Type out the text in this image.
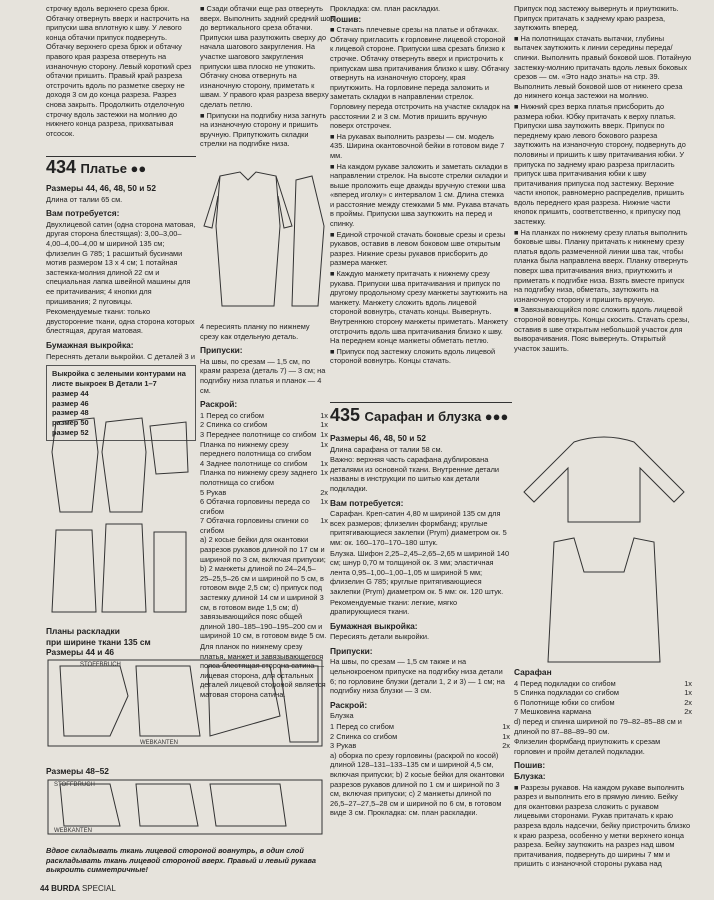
строчку вдоль верхнего среза брюк. Обтачку отвернуть вверх и настрочить на припуски шва вплотную к шву. У левого конца обтачки припуск подвернуть. Обтачку верхнего среза брюк и обтачку правого края разреза отвернуть на изнаночную сторону. Левый короткий срез обтачки пришить. Правый край разреза отстрочить вдоль по разметке сверху не доходя 3 см до конца разреза. Разрез снова закрыть. Продолжить отделочную строчку вдоль застежки на молнию до нижнего конца разреза, прихватывая отсосок.

434 Платье ●●

Размеры 44, 46, 48, 50 и 52

Длина от талии 65 см.

Вам потребуется:

Двухлицевой сатин (одна сторона матовая, другая сторона блестящая): 3,00–3,00–4,00–4,00–4,00 м шириной 135 см; флизелин G 785; 1 расшитый бусинами мотив размером 13 х 4 см; 1 потайная застежка-молния длиной 22 см и специальная лапка швейной машины для ее притачивания; 4 кнопки для пришивания; 2 пуговицы.

Рекомендуемые ткани: только двусторонние ткани, одна сторона которых блестящая, другая матовая.

Бумажная выкройка:

Переснять детали выкройки. С деталей 3 и

Выкройка с зелеными контурами на листе выкроек B Детали 1–7

размер 44
размер 46
размер 48
размер 50
размер 52

Планы раскладки

при ширине ткани 135 см

Размеры 44 и 46

STOFFBRUCH
WEBKANTEN

Размеры 48–52

STOFFBRUCH
WEBKANTEN
Вдвое складывать ткань лицевой стороной вовнутрь, в один слой раскладывать ткань лицевой стороной вверх. Правый и левый рукава выкроить симметричные!

■ Сзади обтачки еще раз отвернуть вверх. Выполнить задний средний шов до вертикального среза обтачки. Припуски шва разутюжить сверху до начала шагового закругления. На участке шагового закругления припуски шва плоско не утюжить. Обтачку снова отвернуть на изнаночную сторону, приметать к швам. У правого края разреза вверху сделать петлю.

■ Припуски на подгибку низа загнуть на изнаночную сторону и пришить вручную. Припутюжить складки стрелки на подгибке низа.

4 пересиять планку по нижнему срезу как отдельную деталь.

Припуски:

На швы, по срезам — 1,5 см, по краям разреза (деталь 7) — 3 см; на подгибку низа платья и планок — 4 см.

Раскрой:

1 Перед со сгибом	1x
2 Спинка со сгибом	1x
3 Переднее полотнище со сгибом 1x
Планка по нижнему срезу переднего полотнища со сгибом
1x
4 Заднее полотнище со сгибом 1x
Планка по нижнему срезу заднего полотнища со сгибом
1x
5 Рукав	2x
6 Обтачка горловины переда со сгибом
1x
7 Обтачка горловины спинки со сгибом
1x

а) 2 косые бейки для окантовки разрезов рукавов длиной по 17 см и шириной по 3 см, включая припуски; b) 2 манжеты длиной по 24–24,5–25–25,5–26 см и шириной по 5 см, в готовом виде 2,5 см; c) припуск под застежку длиной 14 см и шириной 3 см, в готовом виде 1,5 см; d) завязывающийся пояс общей длиной 180–185–190–195–200 см и шириной 10 см, в готовом виде 5 см.

Для планок по нижнему срезу платья, манжет и завязывающегося пояса блестящая сторона сатина — лицевая сторона, для остальных деталей лицевой стороной является матовая сторона сатина.

Прокладка: см. план раскладки.

Пошив:

■ Стачать плечевые срезы на платье и обтачках. Обтачку пригласить к горловине лицевой стороной к лицевой стороне. Припуски шва срезать близко к строчке. Обтачку отвернуть вверх и пристрочить к припускам шва притачивания близко к шву. Обтачку отвернуть на изнаночную сторону, края приутюжить. На горловине переда заложить и заметать складки в направлении стрелок. Горловину переда отстрочить на участке складок на расстоянии 2 и 3 см. Мотив пришить вручную поверх отстрочек.

■ На рукавах выполнить разрезы — см. модель 435. Ширина окантовочной бейки в готовом виде 7 мм.

■ На каждом рукаве заложить и заметать складки в направлении стрелок. На высоте стрелки складки и выше проложить еще дважды вручную стежки шва «вперед иголку» с интервалом 1 см. Длина стежка и расстояние между стежками 5 мм. Рукава втачать в проймы. Припуски шва заутюжить на перед и спинку.

■ Единой строчкой стачать боковые срезы и срезы рукавов, оставив в левом боковом шве открытым разрез. Нижние срезы рукавов присборить до размера манжет.

■ Каждую манжету притачать к нижнему срезу рукава. Припуски шва притачивания и припуск по другому продольному срезу манжеты заутюжить на манжету. Манжету сложить вдоль лицевой стороной вовнутрь, стачать концы. Вывернуть. Внутреннюю сторону манжеты приметать. Манжету отстрочить вдоль шва притачивания близко к шву. На переднем конце манжеты обметать петлю.

■ Припуск под застежку сложить вдоль лицевой стороной вовнутрь. Концы стачать.

435 Сарафан и блузка ●●●

Размеры 46, 48, 50 и 52

Длина сарафана от талии 58 см.

Важно: верхняя часть сарафана дублирована деталями из основной ткани. Внутренние детали названы в инструкции по шитью как детали подкладки.

Вам потребуется:

Сарафан. Креп-сатин 4,80 м шириной 135 см для всех размеров; флизелин формбанд; круглые притягивающиеся заклепки (Prym) диаметром ок. 5 мм: ок. 160–170–170–180 штук.

Блузка. Шифон 2,25–2,45–2,65–2,65 м шириной 140 см; шнур 0,70 м толщиной ок. 3 мм; эластичная лента 0,95–1,00–1,00–1,05 м шириной 5 мм; флизелин G 785; круглые притягивающиеся заклепки (Prym) диаметром ок. 5 мм: ок. 120 штук.

Рекомендуемые ткани: легкие, мягко драпирующиеся ткани.

Бумажная выкройка:

Пересиять детали выкройки.

Припуски:

На швы, по срезам — 1,5 см также и на цельнокроеном припуске на подгибку низа детали 6; по горловине блузки (детали 1, 2 и 3) — 1 см; на подгибку низа блузки — 3 см.

Раскрой:

Блузка

1 Перед со сгибом	1x
2 Спинка со сгибом	1x
3 Рукав	2x

а) оборка по срезу горловины (раскрой по косой) длиной 128–131–133–135 см и шириной 4,5 см, включая припуски; b) 2 косые бейки для окантовки разрезов рукавов длиной по 1 см и шириной по 3 см, включая припуски; c) 2 манжеты длиной по 26,5–27–27,5–28 см и шириной по 6 см, в готовом виде 3 см. Прокладка: см. план раскладки.

Припуск под застежку вывернуть и приутюжить. Припуск притачать к заднему краю разреза, заутюжить вперед.

■ На полотнищах стачать вытачки, глубины вытачек заутюжить к линии середины переда/спинки. Выполнить правый боковой шов. Потайную застежку-молнию притачать вдоль левых боковых срезов — см. «Это надо знать» на стр. 39. Выполнить левый боковой шов от нижнего среза до нижнего конца застежки на молнию.

■ Нижний срез верха платья присборить до размера юбки. Юбку притачать к верху платья. Припуски шва заутюжить вверх. Припуск по переднему краю левого бокового разреза заутюжить на изнаночную сторону, подвернуть до половины и пришить к шву притачивания юбки. У припуска по заднему краю разреза пригласить припуск шва притачивания юбки к шву притачивания припуска под застежку. Верхние части кнопок, равномерно распределив, пришить вдоль переднего края разреза. Нижние части кнопок пришить, соответственно, к припуску под застежку.

■ На планках по нижнему срезу платья выполнить боковые швы. Планку притачать к нижнему срезу платья вдоль размеченной линии шва так, чтобы планка была направлена вверх. Планку отвернуть поверх шва притачивания вниз, приутюжить и приметать к подгибке низа. Взять вместе припуск на подгибку низа, обметать, заутюжить на изнаночную сторону и пришить вручную.

■ Завязывающийся пояс сложить вдоль лицевой стороной вовнутрь. Концы скосить. Стачать срезы, оставив в шве открытым небольшой участок для выворачивания. Пояс вывернуть. Открытый участок зашить.

Сарафан

4 Перед подкладки со сгибом	1x
5 Спинка подкладки со сгибом	1x
6 Полотнище юбки со сгибом	2x
7 Мешковина кармана	2x

d) перед и спинка шириной по 79–82–85–88 см и длиной по 87–88–89–90 см.

Флизелин формбанд приутюжить к срезам горловин и пройм деталей подкладки.

Пошив:

Блузка:

■ Разрезы рукавов. На каждом рукаве выполнить разрез и выполнить его в прямую линию. Бейку для окантовки разреза сложить с рукавом лицевыми сторонами. Рукав притачать к краю разреза вдоль надсечки, бейку пристрочить близко к краю разреза, особенно у метки верхнего конца разреза. Бейку заутюжить на разрез над швом притачивания, подвернуть до ширины 7 мм и пришить с изнаночной стороны рукава над

44 BURDA SPECIAL
